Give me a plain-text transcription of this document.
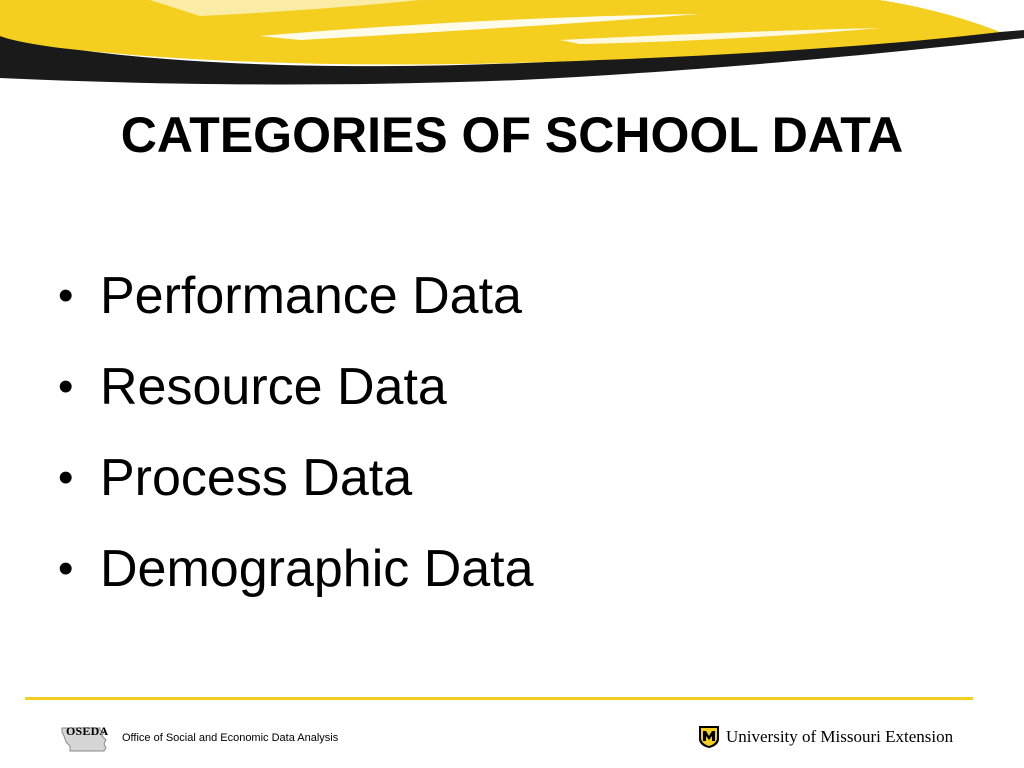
CATEGORIES OF SCHOOL DATA
• Performance Data
• Resource Data
• Process Data
• Demographic Data
OSEDA Office of Social and Economic Data Analysis	University of Missouri Extension
